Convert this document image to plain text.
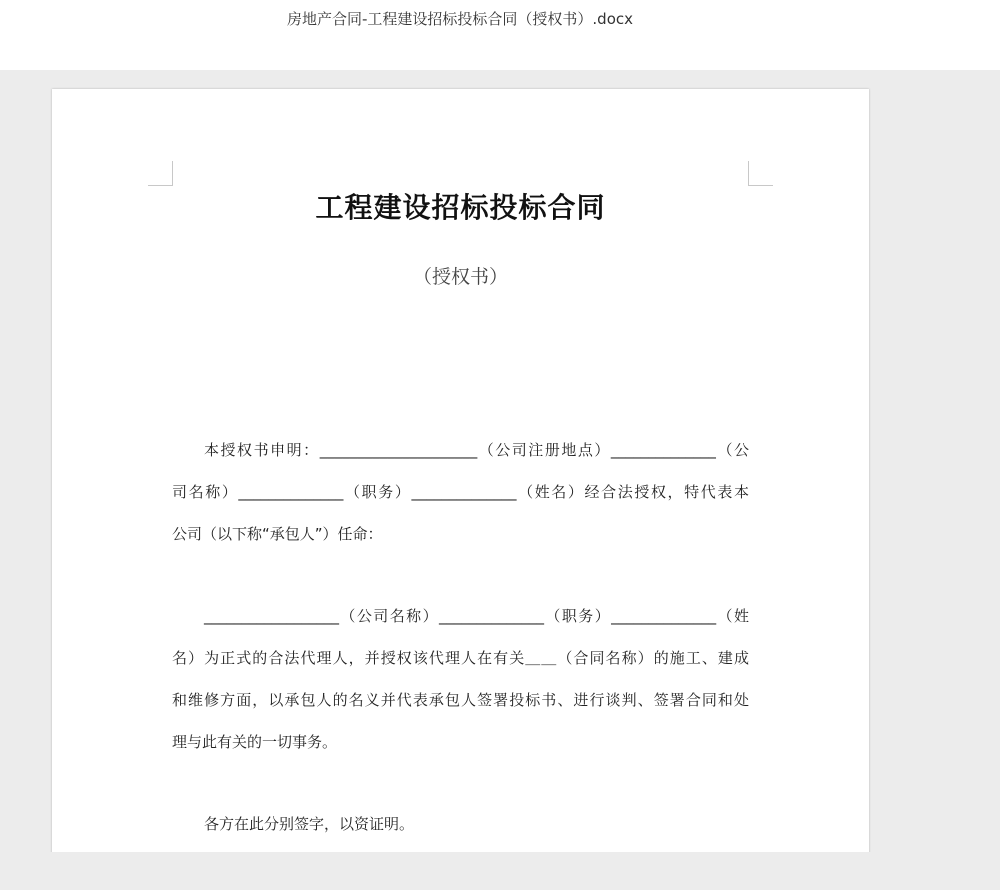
房地产合同-工程建设招标投标合同（授权书）.docx
工程建设招标投标合同
（授权书）
本授权书申明：_____________________（公司注册地点）______________（公
司名称）______________（职务）______________（姓名）经合法授权，特代表本
公司（以下称“承包人”）任命：
__________________（公司名称）______________（职务）______________（姓
名）为正式的合法代理人，并授权该代理人在有关＿＿（合同名称）的施工、建成
和维修方面，以承包人的名义并代表承包人签署投标书、进行谈判、签署合同和处
理与此有关的一切事务。
各方在此分别签字，以资证明。
